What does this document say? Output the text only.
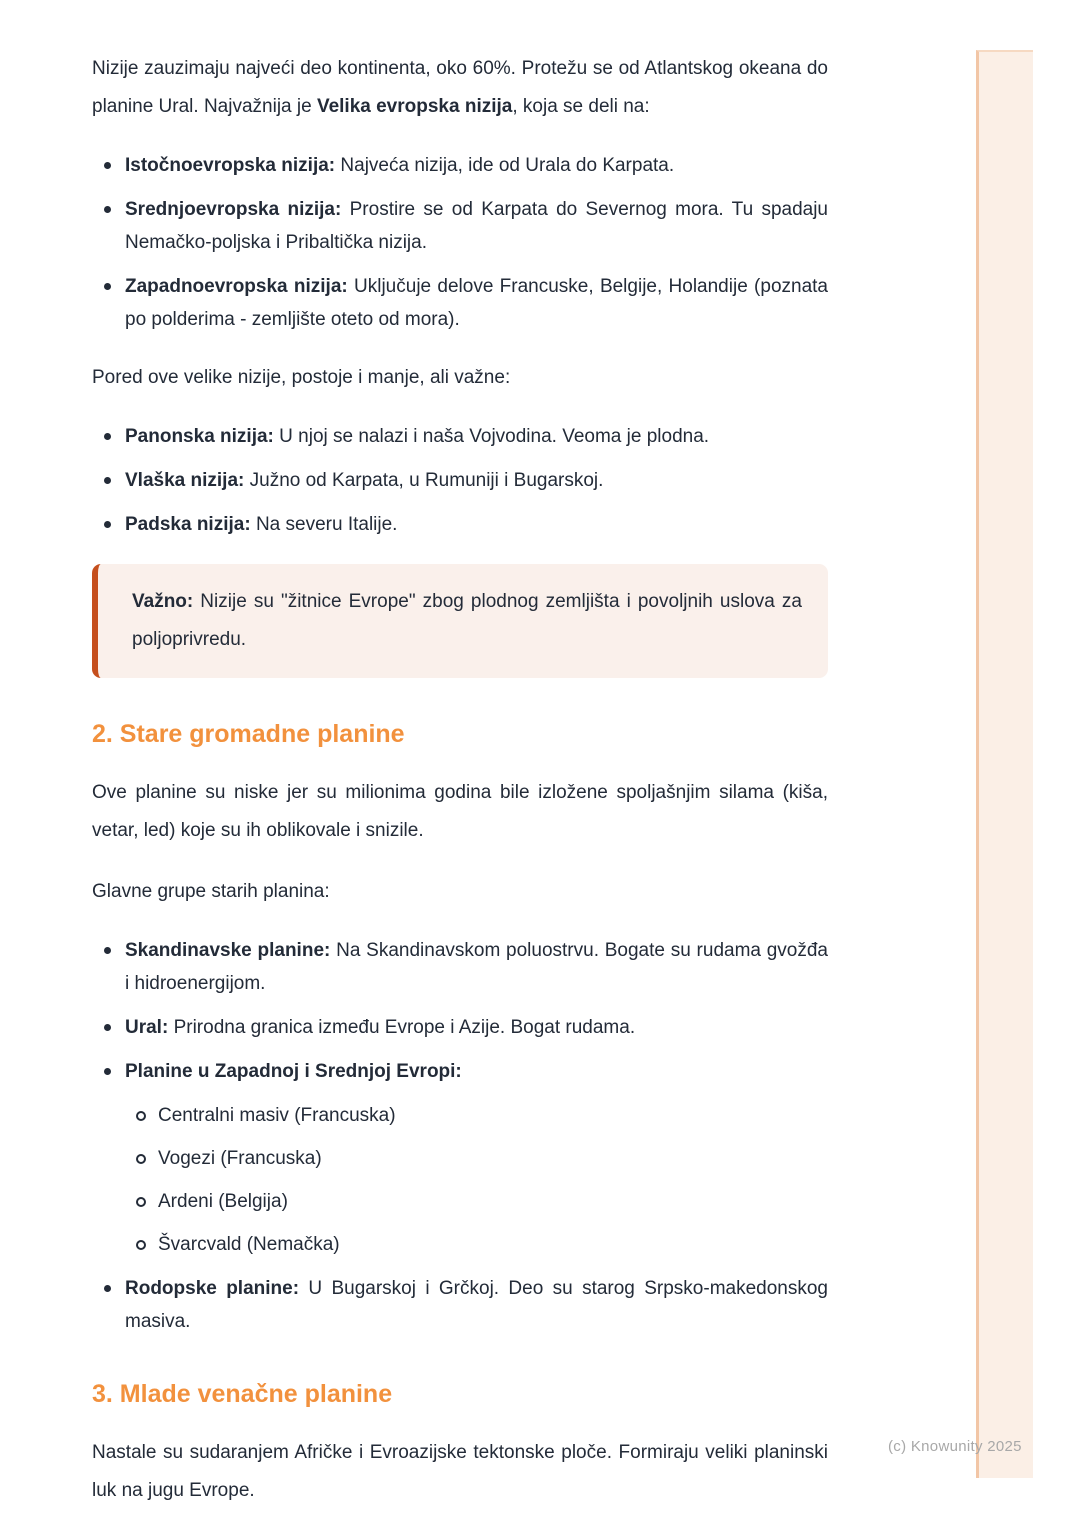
(c) Knowunity 2025

Nizije zauzimaju najveći deo kontinenta, oko 60%. Protežu se od Atlantskog okeana do planine Ural. Najvažnija je Velika evropska nizija, koja se deli na:

Istočnoevropska nizija: Najveća nizija, ide od Urala do Karpata.
Srednjoevropska nizija: Prostire se od Karpata do Severnog mora. Tu spadaju Nemačko-poljska i Pribaltička nizija.
Zapadnoevropska nizija: Uključuje delove Francuske, Belgije, Holandije (poznata po polderima - zemljište oteto od mora).

Pored ove velike nizije, postoje i manje, ali važne:

Panonska nizija: U njoj se nalazi i naša Vojvodina. Veoma je plodna.
Vlaška nizija: Južno od Karpata, u Rumuniji i Bugarskoj.
Padska nizija: Na severu Italije.
Važno: Nizije su "žitnice Evrope" zbog plodnog zemljišta i povoljnih uslova za poljoprivredu.
2. Stare gromadne planine

Ove planine su niske jer su milionima godina bile izložene spoljašnjim silama (kiša, vetar, led) koje su ih oblikovale i snizile.

Glavne grupe starih planina:

Skandinavske planine: Na Skandinavskom poluostrvu. Bogate su rudama gvožđa i hidroenergijom.
Ural: Prirodna granica između Evrope i Azije. Bogat rudama.
Planine u Zapadnoj i Srednjoj Evropi:
Centralni masiv (Francuska)
Vogezi (Francuska)
Ardeni (Belgija)
Švarcvald (Nemačka)
Rodopske planine: U Bugarskoj i Grčkoj. Deo su starog Srpsko-makedonskog masiva.
3. Mlade venačne planine

Nastale su sudaranjem Afričke i Evroazijske tektonske ploče. Formiraju veliki planinski luk na jugu Evrope.
